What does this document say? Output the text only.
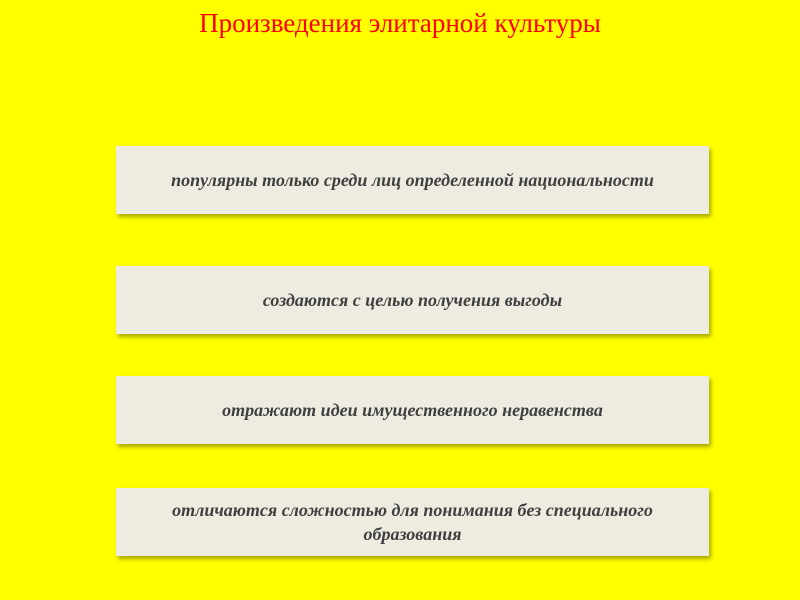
Произведения элитарной культуры
популярны только среди лиц определенной национальности
создаются с целью получения выгоды
отражают идеи имущественного неравенства
отличаются сложностью для понимания без специального образования
